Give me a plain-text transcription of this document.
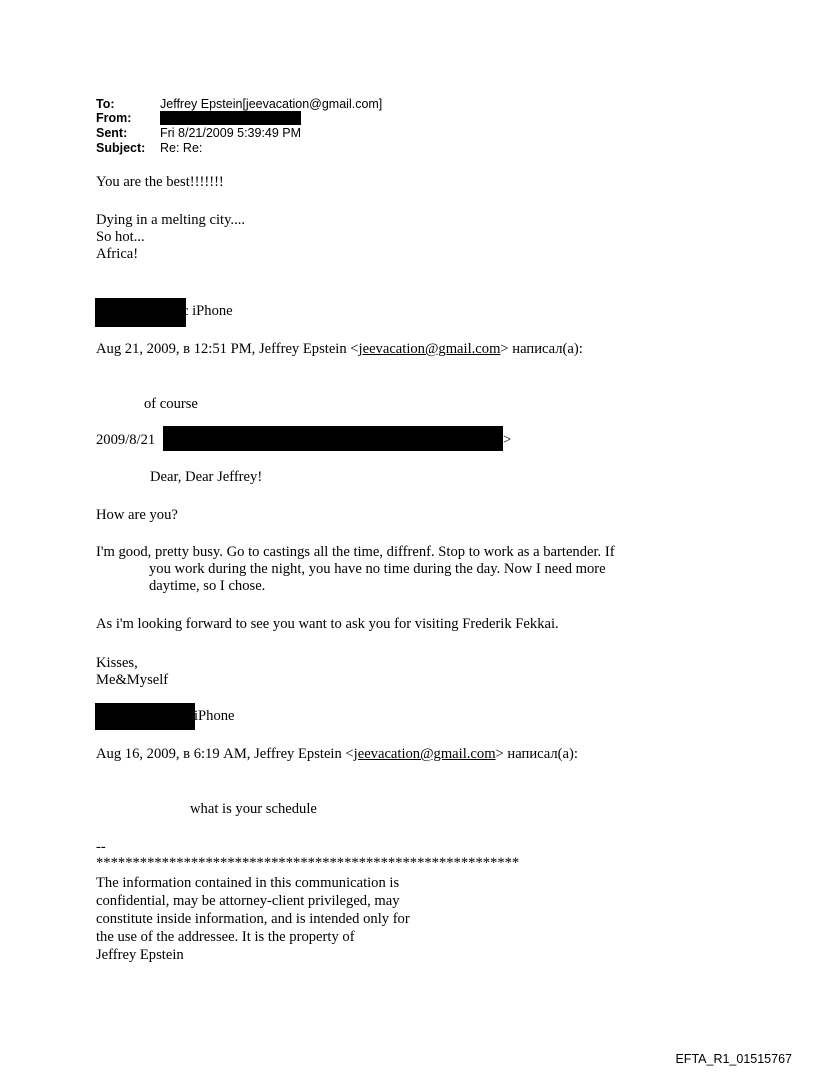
To:	Jeffrey Epstein[jeevacation@gmail.com]
From:
Sent:	Fri 8/21/2009 5:39:49 PM
Subject: Re: Re:
You are the best!!!!!!!
Dying in a melting city....
So hot...
Africa!
c iPhone
Aug 21, 2009, в 12:51 PM, Jeffrey Epstein <jeevacation@gmail.com> написал(а):
of course
2009/8/21	>
Dear, Dear Jeffrey!
How are you?
I'm good, pretty busy. Go to castings all the time, diffrenf. Stop to work as a bartender. If
you work during the night, you have no time during the day. Now I need more
daytime, so I chose.
As i'm looking forward to see you want to ask you for visiting Frederik Fekkai.
Kisses,
Me&Myself
iPhone
Aug 16, 2009, в 6:19 AM, Jeffrey Epstein <jeevacation@gmail.com> написал(а):
what is your schedule
--
**********************************************************
The information contained in this communication is
confidential, may be attorney-client privileged, may
constitute inside information, and is intended only for
the use of the addressee. It is the property of
Jeffrey Epstein
EFTA_R1_01515767
